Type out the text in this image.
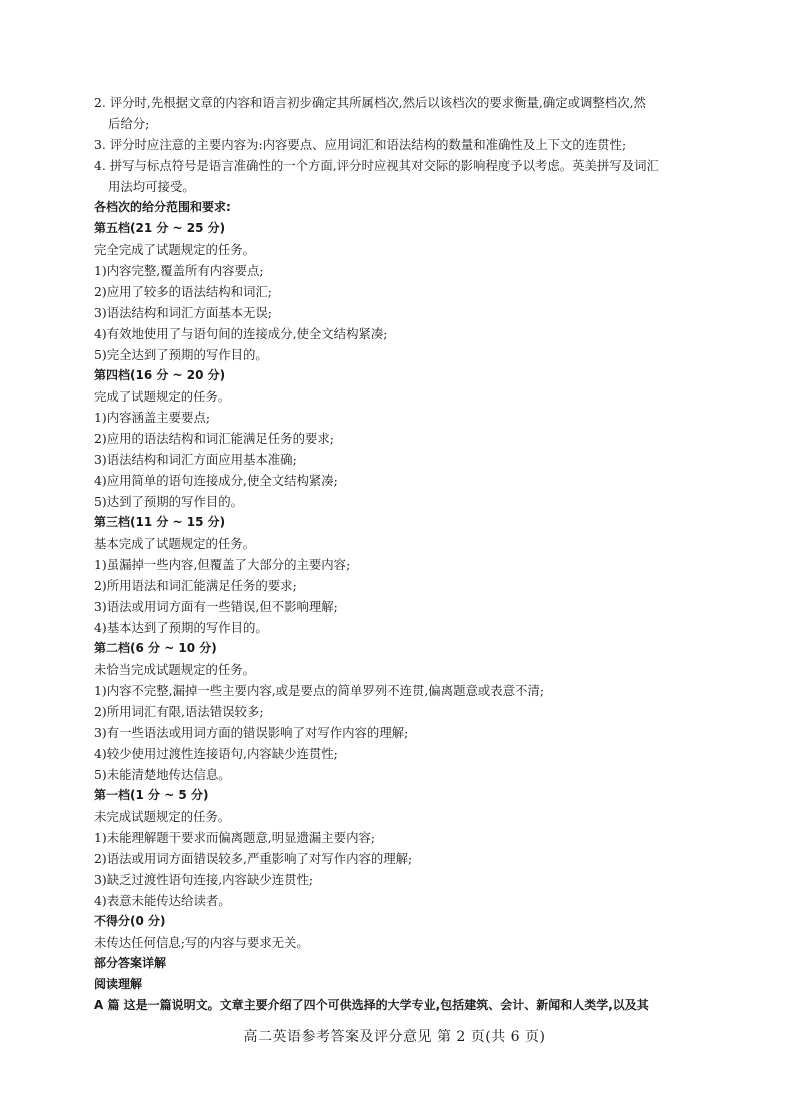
2. 评分时,先根据文章的内容和语言初步确定其所属档次,然后以该档次的要求衡量,确定或调整档次,然
后给分;
3. 评分时应注意的主要内容为:内容要点、应用词汇和语法结构的数量和准确性及上下文的连贯性;
4. 拼写与标点符号是语言准确性的一个方面,评分时应视其对交际的影响程度予以考虑。英美拼写及词汇
用法均可接受。
各档次的给分范围和要求:
第五档(21 分 ~ 25 分)
完全完成了试题规定的任务。
1)内容完整,覆盖所有内容要点;
2)应用了较多的语法结构和词汇;
3)语法结构和词汇方面基本无误;
4)有效地使用了与语句间的连接成分,使全文结构紧凑;
5)完全达到了预期的写作目的。
第四档(16 分 ~ 20 分)
完成了试题规定的任务。
1)内容涵盖主要要点;
2)应用的语法结构和词汇能满足任务的要求;
3)语法结构和词汇方面应用基本准确;
4)应用简单的语句连接成分,使全文结构紧凑;
5)达到了预期的写作目的。
第三档(11 分 ~ 15 分)
基本完成了试题规定的任务。
1)虽漏掉一些内容,但覆盖了大部分的主要内容;
2)所用语法和词汇能满足任务的要求;
3)语法或用词方面有一些错误,但不影响理解;
4)基本达到了预期的写作目的。
第二档(6 分 ~ 10 分)
未恰当完成试题规定的任务。
1)内容不完整,漏掉一些主要内容,或是要点的简单罗列不连贯,偏离题意或表意不清;
2)所用词汇有限,语法错误较多;
3)有一些语法或用词方面的错误影响了对写作内容的理解;
4)较少使用过渡性连接语句,内容缺少连贯性;
5)未能清楚地传达信息。
第一档(1 分 ~ 5 分)
未完成试题规定的任务。
1)未能理解题干要求而偏离题意,明显遗漏主要内容;
2)语法或用词方面错误较多,严重影响了对写作内容的理解;
3)缺乏过渡性语句连接,内容缺少连贯性;
4)表意未能传达给读者。
不得分(0 分)
未传达任何信息;写的内容与要求无关。
部分答案详解
阅读理解
A 篇 这是一篇说明文。文章主要介绍了四个可供选择的大学专业,包括建筑、会计、新闻和人类学,以及其
高二英语参考答案及评分意见 第 2 页(共 6 页)
